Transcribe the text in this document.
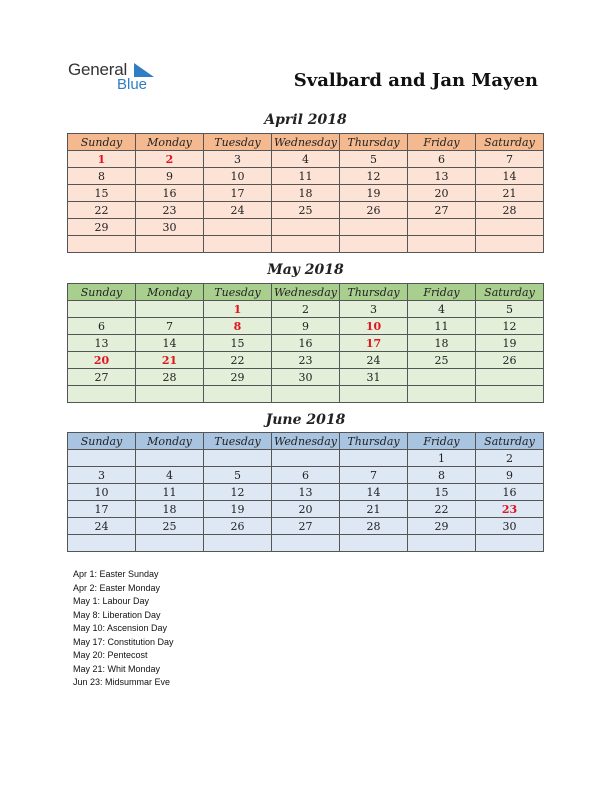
General
Blue	Svalbard and Jan Mayen
April 2018
Sunday	Monday	Tuesday	Wednesday	Thursday	Friday	Saturday
1	2	3	4	5	6	7
8	9	10	11	12	13	14
15	16	17	18	19	20	21
22	23	24	25	26	27	28
29	30					

May 2018
Sunday	Monday	Tuesday	Wednesday	Thursday	Friday	Saturday
		1	2	3	4	5
6	7	8	9	10	11	12
13	14	15	16	17	18	19
20	21	22	23	24	25	26
27	28	29	30	31		

June 2018
Sunday	Monday	Tuesday	Wednesday	Thursday	Friday	Saturday
					1	2
3	4	5	6	7	8	9
10	11	12	13	14	15	16
17	18	19	20	21	22	23
24	25	26	27	28	29	30

Apr 1: Easter Sunday
Apr 2: Easter Monday
May 1: Labour Day
May 8: Liberation Day
May 10: Ascension Day
May 17: Constitution Day
May 20: Pentecost
May 21: Whit Monday
Jun 23: Midsummar Eve
